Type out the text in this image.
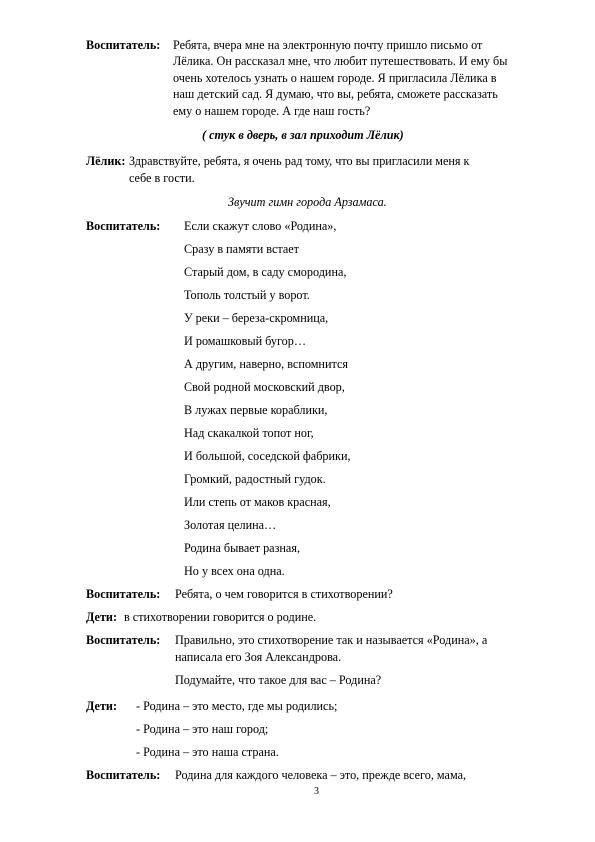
Воспитатель: Ребята, вчера мне на электронную почту пришло письмо от
Лёлика. Он рассказал мне, что любит путешествовать. И ему бы
очень хотелось узнать о нашем городе. Я пригласила Лёлика в
наш детский сад. Я думаю, что вы, ребята, сможете рассказать
ему о нашем городе. А где наш гость?
( стук в дверь, в зал приходит Лёлик)
Лёлик: Здравствуйте, ребята, я очень рад тому, что вы пригласили меня к
себе в гости.
Звучит гимн города Арзамаса.
Воспитатель: Если скажут слово «Родина»,
Сразу в памяти встает
Старый дом, в саду смородина,
Тополь толстый у ворот.
У реки – береза-скромница,
И ромашковый бугор…
А другим, наверно, вспомнится
Свой родной московский двор,
В лужах первые кораблики,
Над скакалкой топот ног,
И большой, соседской фабрики,
Громкий, радостный гудок.
Или степь от маков красная,
Золотая целина…
Родина бывает разная,
Но у всех она одна.
Воспитатель: Ребята, о чем говорится в стихотворении?
Дети: в стихотворении говорится о родине.
Воспитатель: Правильно, это стихотворение так и называется «Родина», а
написала его Зоя Александрова.
Подумайте, что такое для вас – Родина?
Дети: - Родина – это место, где мы родились;
- Родина – это наш город;
- Родина – это наша страна.
Воспитатель: Родина для каждого человека – это, прежде всего, мама,
3
